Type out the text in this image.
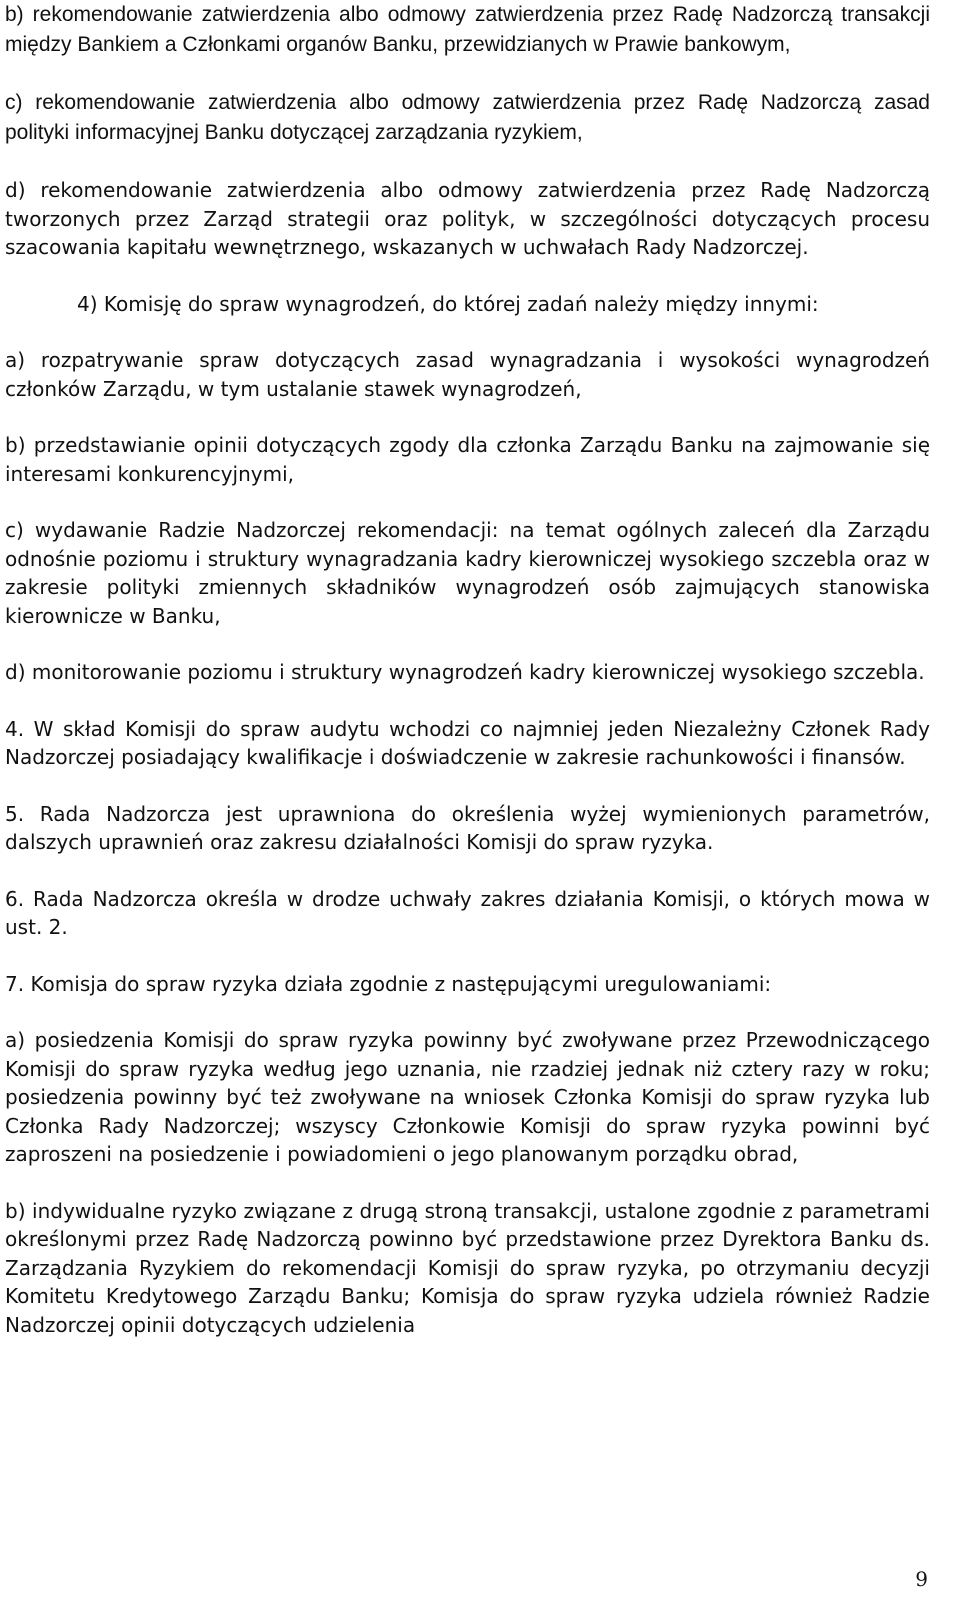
b) rekomendowanie zatwierdzenia albo odmowy zatwierdzenia przez Radę Nadzorczą transakcji między Bankiem a Członkami organów Banku, przewidzianych w Prawie bankowym,

c) rekomendowanie zatwierdzenia albo odmowy zatwierdzenia przez Radę Nadzorczą zasad polityki informacyjnej Banku dotyczącej zarządzania ryzykiem,

d) rekomendowanie zatwierdzenia albo odmowy zatwierdzenia przez Radę Nadzorczą tworzonych przez Zarząd strategii oraz polityk, w szczególności dotyczących procesu szacowania kapitału wewnętrznego, wskazanych w uchwałach Rady Nadzorczej.

4) Komisję do spraw wynagrodzeń, do której zadań należy między innymi:

a) rozpatrywanie spraw dotyczących zasad wynagradzania i wysokości wynagrodzeń członków Zarządu, w tym ustalanie stawek wynagrodzeń,

b) przedstawianie opinii dotyczących zgody dla członka Zarządu Banku na zajmowanie się interesami konkurencyjnymi,

c) wydawanie Radzie Nadzorczej rekomendacji: na temat ogólnych zaleceń dla Zarządu odnośnie poziomu i struktury wynagradzania kadry kierowniczej wysokiego szczebla oraz w zakresie polityki zmiennych składników wynagrodzeń osób zajmujących stanowiska kierownicze w Banku,

d) monitorowanie poziomu i struktury wynagrodzeń kadry kierowniczej wysokiego szczebla.

4. W skład Komisji do spraw audytu wchodzi co najmniej jeden Niezależny Członek Rady Nadzorczej posiadający kwalifikacje i doświadczenie w zakresie rachunkowości i finansów.

5. Rada Nadzorcza jest uprawniona do określenia wyżej wymienionych parametrów, dalszych uprawnień oraz zakresu działalności Komisji do spraw ryzyka.

6. Rada Nadzorcza określa w drodze uchwały zakres działania Komisji, o których mowa w ust. 2.

7. Komisja do spraw ryzyka działa zgodnie z następującymi uregulowaniami:

a) posiedzenia Komisji do spraw ryzyka powinny być zwoływane przez Przewodniczącego Komisji do spraw ryzyka według jego uznania, nie rzadziej jednak niż cztery razy w roku; posiedzenia powinny być też zwoływane na wniosek Członka Komisji do spraw ryzyka lub Członka Rady Nadzorczej; wszyscy Członkowie Komisji do spraw ryzyka powinni być zaproszeni na posiedzenie i powiadomieni o jego planowanym porządku obrad,

b) indywidualne ryzyko związane z drugą stroną transakcji, ustalone zgodnie z parametrami określonymi przez Radę Nadzorczą powinno być przedstawione przez Dyrektora Banku ds. Zarządzania Ryzykiem do rekomendacji Komisji do spraw ryzyka, po otrzymaniu decyzji Komitetu Kredytowego Zarządu Banku; Komisja do spraw ryzyka udziela również Radzie Nadzorczej opinii dotyczących udzielenia

9
